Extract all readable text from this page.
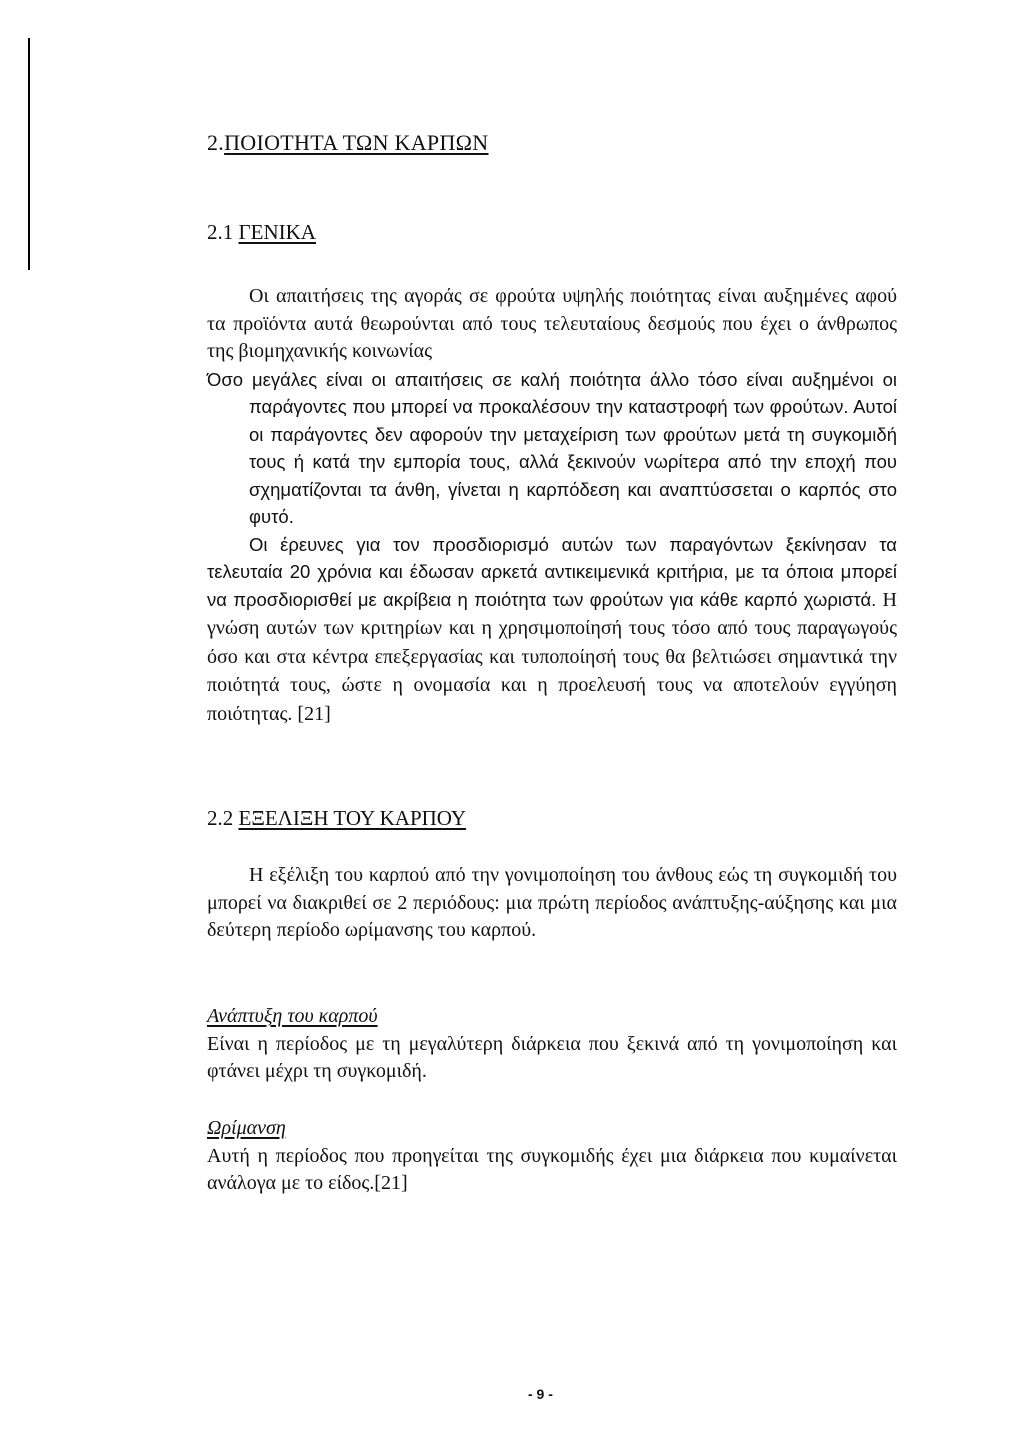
2.ΠΟΙΟΤΗΤΑ ΤΩΝ ΚΑΡΠΩΝ
2.1 ΓΕΝΙΚΑ

Οι απαιτήσεις της αγοράς σε φρούτα υψηλής ποιότητας είναι αυξημένες αφού τα προϊόντα αυτά θεωρούνται από τους τελευταίους δεσμούς που έχει ο άνθρωπος της βιομηχανικής κοινωνίας

Όσο μεγάλες είναι οι απαιτήσεις σε καλή ποιότητα άλλο τόσο είναι αυξημένοι οι παράγοντες που μπορεί να προκαλέσουν την καταστροφή των φρούτων. Αυτοί οι παράγοντες δεν αφορούν την μεταχείριση των φρούτων μετά τη συγκομιδή τους ή κατά την εμπορία τους, αλλά ξεκινούν νωρίτερα από την εποχή που σχηματίζονται τα άνθη, γίνεται η καρπόδεση και αναπτύσσεται ο καρπός στο φυτό.

Οι έρευνες για τον προσδιορισμό αυτών των παραγόντων ξεκίνησαν τα τελευταία 20 χρόνια και έδωσαν αρκετά αντικειμενικά κριτήρια, με τα όποια μπορεί να προσδιορισθεί με ακρίβεια η ποιότητα των φρούτων για κάθε καρπό χωριστά. Η γνώση αυτών των κριτηρίων και η χρησιμοποίησή τους τόσο από τους παραγωγούς όσο και στα κέντρα επεξεργασίας και τυποποίησή τους θα βελτιώσει σημαντικά την ποιότητά τους, ώστε η ονομασία και η προελευσή τους να αποτελούν εγγύηση ποιότητας. [21]

2.2 ΕΞΕΛΙΞΗ ΤΟΥ ΚΑΡΠΟΥ

Η εξέλιξη του καρπού από την γονιμοποίηση του άνθους εώς τη συγκομιδή του μπορεί να διακριθεί σε 2 περιόδους: μια πρώτη περίοδος ανάπτυξης-αύξησης και μια δεύτερη περίοδο ωρίμανσης του καρπού.

Ανάπτυξη του καρπού

Είναι η περίοδος με τη μεγαλύτερη διάρκεια που ξεκινά από τη γονιμοποίηση και φτάνει μέχρι τη συγκομιδή.

Ωρίμανση

Αυτή η περίοδος που προηγείται της συγκομιδής έχει μια διάρκεια που κυμαίνεται ανάλογα με το είδος.[21]

- 9 -
